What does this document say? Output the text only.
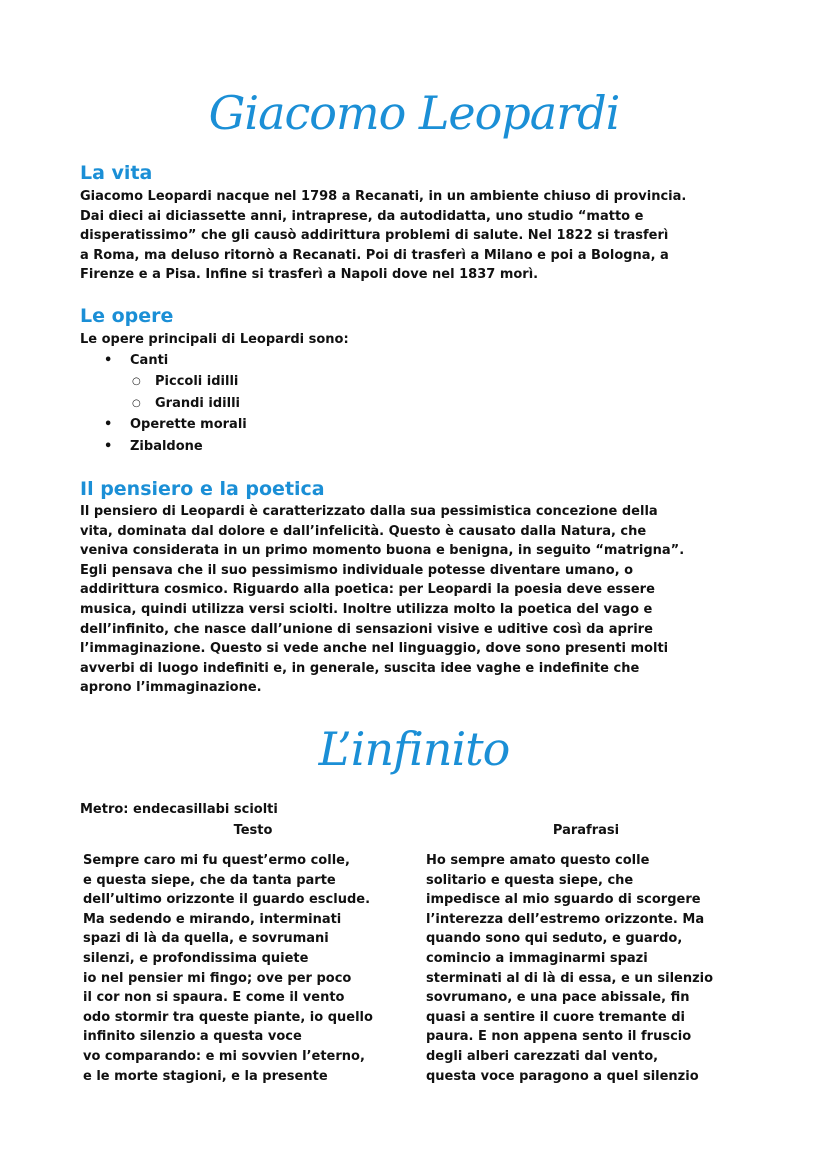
Giacomo Leopardi
La vita
Giacomo Leopardi nacque nel 1798 a Recanati, in un ambiente chiuso di provincia.
Dai dieci ai diciassette anni, intraprese, da autodidatta, uno studio “matto e
disperatissimo” che gli causò addirittura problemi di salute. Nel 1822 si trasferì
a Roma, ma deluso ritornò a Recanati. Poi di trasferì a Milano e poi a Bologna, a
Firenze e a Pisa. Infine si trasferì a Napoli dove nel 1837 morì.
Le opere
Le opere principali di Leopardi sono:
• Canti
○ Piccoli idilli
○ Grandi idilli
• Operette morali
• Zibaldone
Il pensiero e la poetica
Il pensiero di Leopardi è caratterizzato dalla sua pessimistica concezione della
vita, dominata dal dolore e dall’infelicità. Questo è causato dalla Natura, che
veniva considerata in un primo momento buona e benigna, in seguito “matrigna”.
Egli pensava che il suo pessimismo individuale potesse diventare umano, o
addirittura cosmico. Riguardo alla poetica: per Leopardi la poesia deve essere
musica, quindi utilizza versi sciolti. Inoltre utilizza molto la poetica del vago e
dell’infinito, che nasce dall’unione di sensazioni visive e uditive così da aprire
l’immaginazione. Questo si vede anche nel linguaggio, dove sono presenti molti
avverbi di luogo indefiniti e, in generale, suscita idee vaghe e indefinite che
aprono l’immaginazione.
L’infinito
Metro: endecasillabi sciolti
Testo	Parafrasi
Sempre caro mi fu quest’ermo colle,
e questa siepe, che da tanta parte
dell’ultimo orizzonte il guardo esclude.
Ma sedendo e mirando, interminati
spazi di là da quella, e sovrumani
silenzi, e profondissima quiete
io nel pensier mi fingo; ove per poco
il cor non si spaura. E come il vento
odo stormir tra queste piante, io quello
infinito silenzio a questa voce
vo comparando: e mi sovvien l’eterno,
e le morte stagioni, e la presente
Ho sempre amato questo colle
solitario e questa siepe, che
impedisce al mio sguardo di scorgere
l’interezza dell’estremo orizzonte. Ma
quando sono qui seduto, e guardo,
comincio a immaginarmi spazi
sterminati al di là di essa, e un silenzio
sovrumano, e una pace abissale, fin
quasi a sentire il cuore tremante di
paura. E non appena sento il fruscio
degli alberi carezzati dal vento,
questa voce paragono a quel silenzio
